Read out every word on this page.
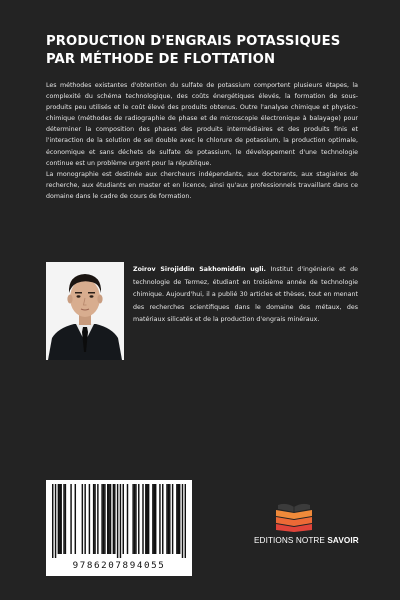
PRODUCTION D'ENGRAIS POTASSIQUES
PAR MÉTHODE DE FLOTTATION

Les méthodes existantes d'obtention du sulfate de potassium comportent plusieurs étapes, la complexité du schéma technologique, des coûts énergétiques élevés, la formation de sous-produits peu utilisés et le coût élevé des produits obtenus. Outre l'analyse chimique et physico-chimique (méthodes de radiographie de phase et de microscopie électronique à balayage) pour déterminer la composition des phases des produits intermédiaires et des produits finis et l'interaction de la solution de sel double avec le chlorure de potassium, la production optimale, économique et sans déchets de sulfate de potassium, le développement d'une technologie continue est un problème urgent pour la république.

La monographie est destinée aux chercheurs indépendants, aux doctorants, aux stagiaires de recherche, aux étudiants en master et en licence, ainsi qu'aux professionnels travaillant dans ce domaine dans le cadre de cours de formation.

Zoirov Sirojiddin Sakhomiddin ugli. Institut d'ingénierie et de technologie de Termez, étudiant en troisième année de technologie chimique. Aujourd'hui, il a publié 30 articles et thèses, tout en menant des recherches scientifiques dans le domaine des métaux, des matériaux silicatés et de la production d'engrais minéraux.
9786207894055
EDITIONS NOTRE SAVOIR
